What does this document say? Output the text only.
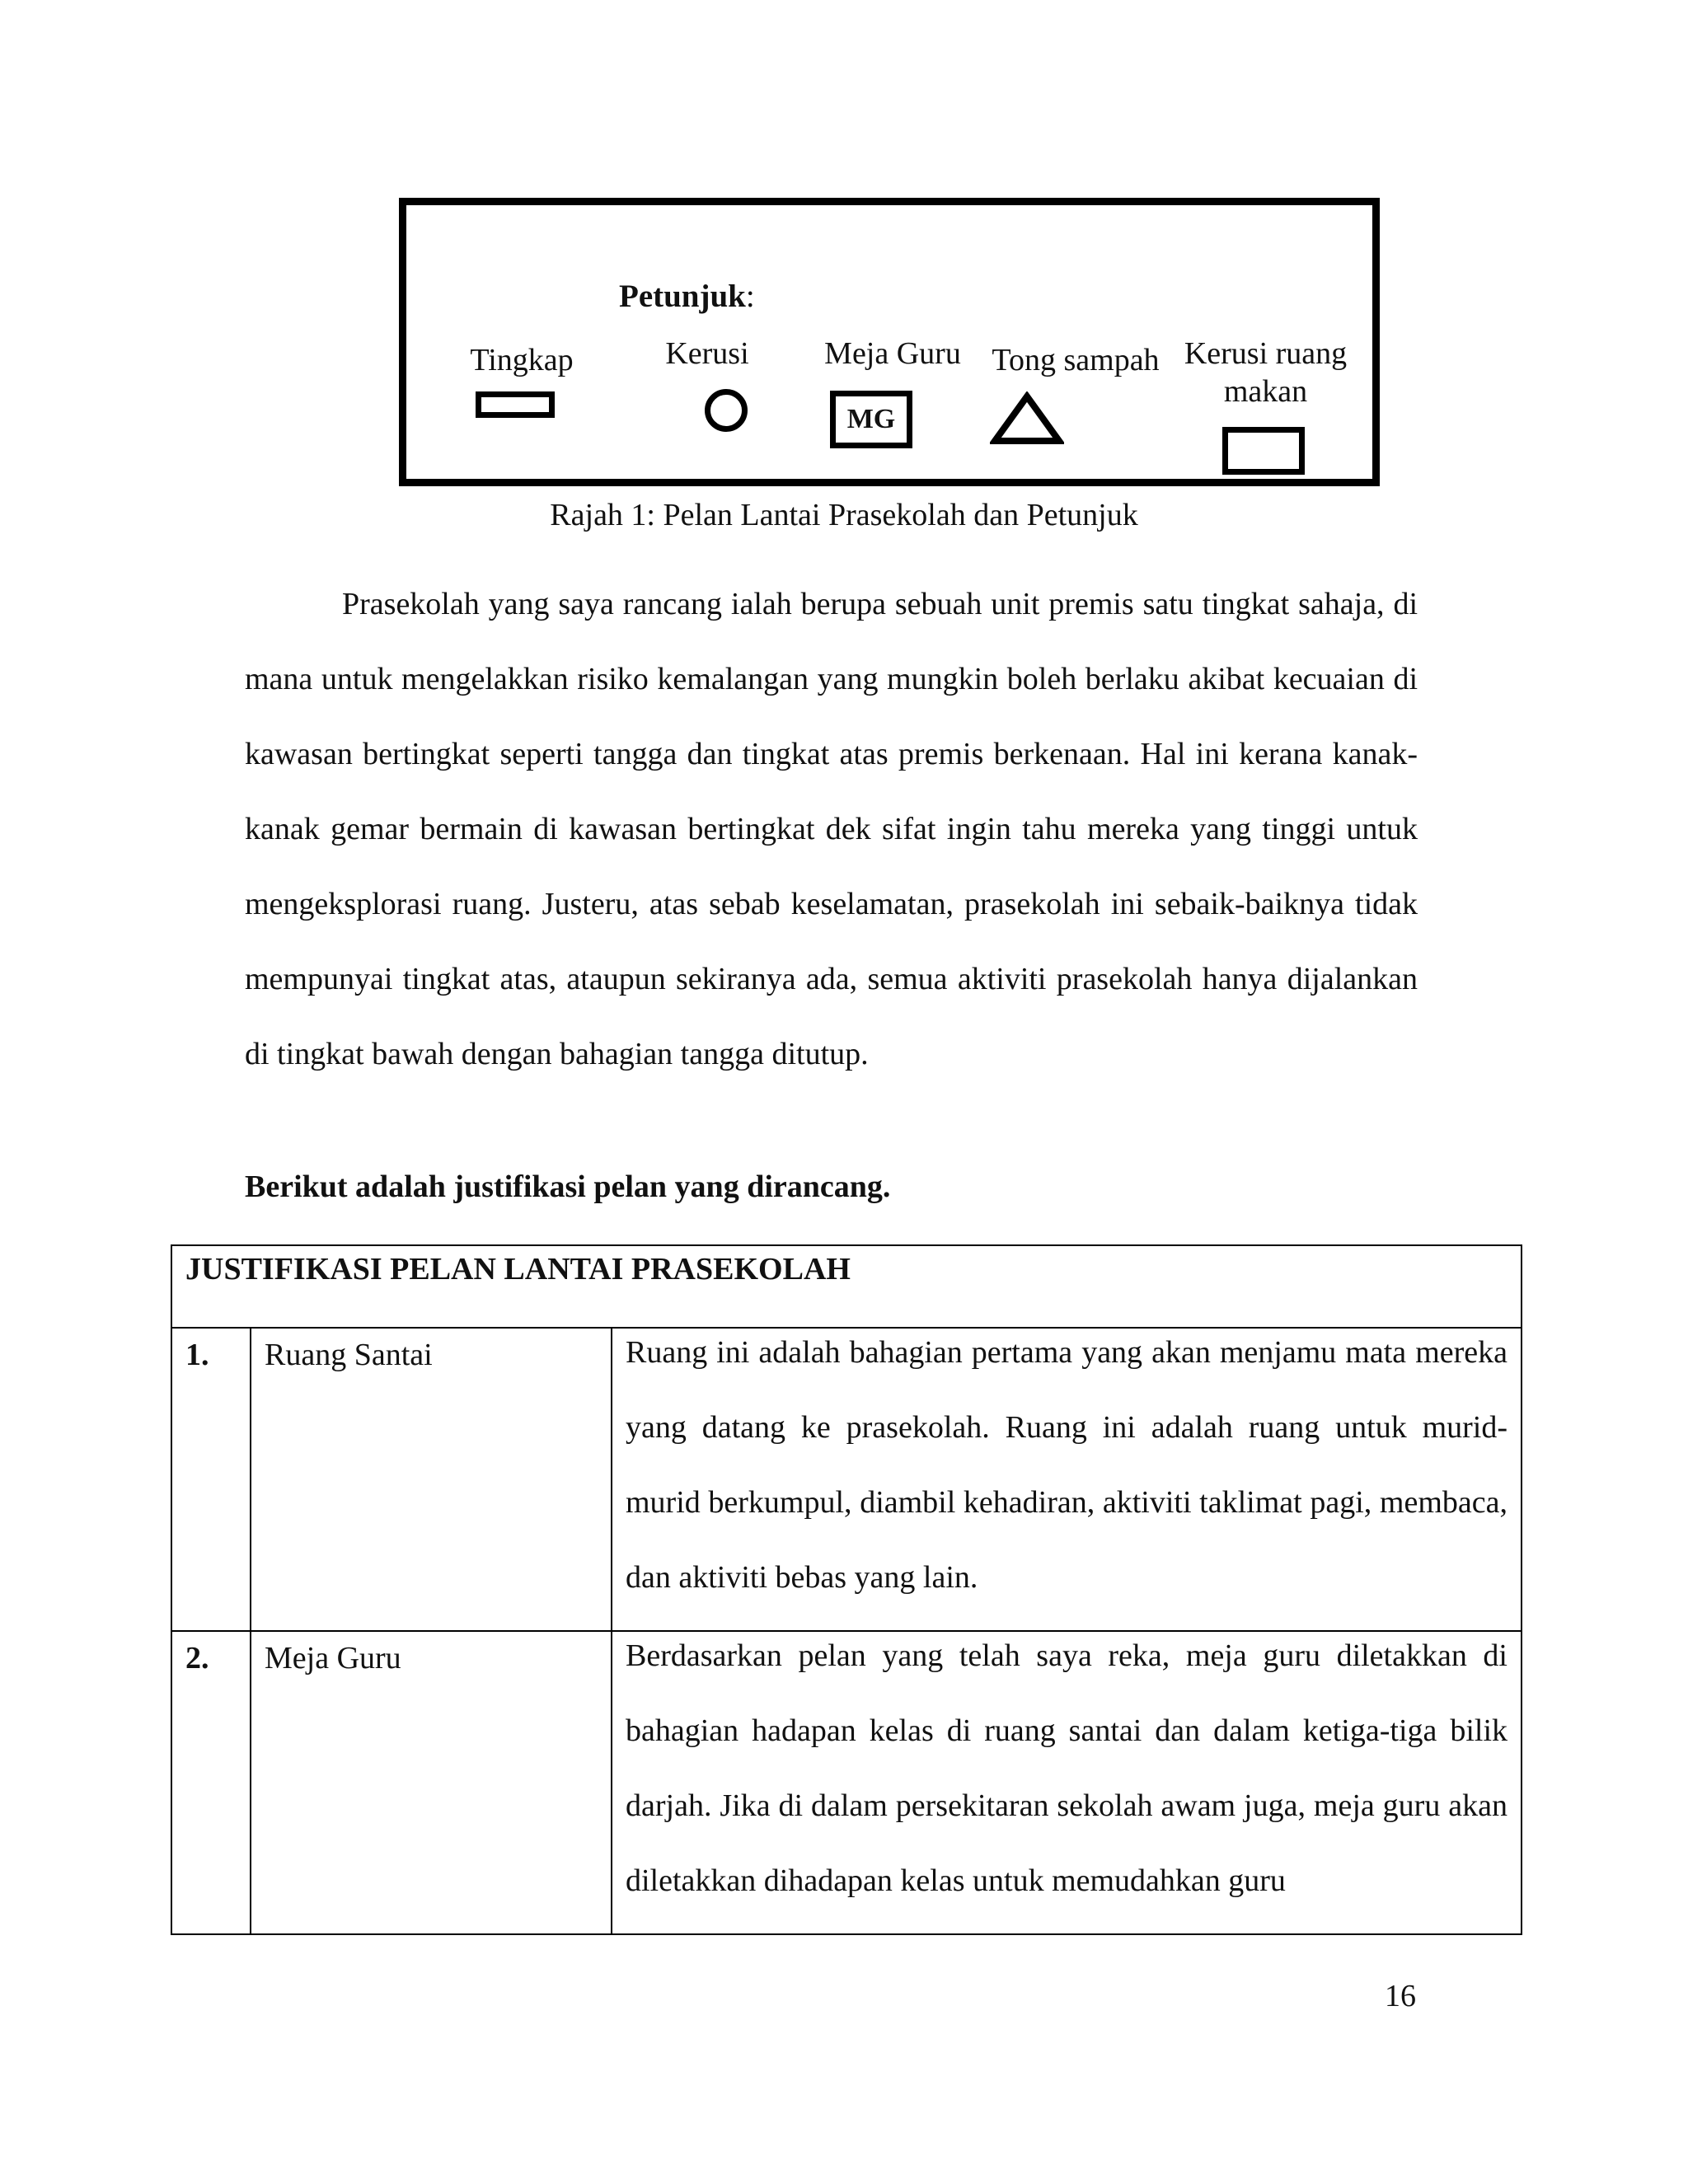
Petunjuk:
Tingkap	Kerusi	Meja Guru
MG
Tong sampah Kerusi ruang makan
Rajah 1: Pelan Lantai Prasekolah dan Petunjuk

Prasekolah yang saya rancang ialah berupa sebuah unit premis satu tingkat sahaja, di mana untuk mengelakkan risiko kemalangan yang mungkin boleh berlaku akibat kecuaian di kawasan bertingkat seperti tangga dan tingkat atas premis berkenaan. Hal ini kerana kanak-kanak gemar bermain di kawasan bertingkat dek sifat ingin tahu mereka yang tinggi untuk mengeksplorasi ruang. Justeru, atas sebab keselamatan, prasekolah ini sebaik-baiknya tidak mempunyai tingkat atas, ataupun sekiranya ada, semua aktiviti prasekolah hanya dijalankan di tingkat bawah dengan bahagian tangga ditutup.

Berikut adalah justifikasi pelan yang dirancang.
JUSTIFIKASI PELAN LANTAI PRASEKOLAH		
1.	Ruang Santai	Ruang ini adalah bahagian pertama yang akan menjamu mata mereka yang datang ke prasekolah. Ruang ini adalah ruang untuk murid-murid berkumpul, diambil kehadiran, aktiviti taklimat pagi, membaca, dan aktiviti bebas yang lain.

2.	Meja Guru	Berdasarkan pelan yang telah saya reka, meja guru diletakkan di bahagian hadapan kelas di ruang santai dan dalam ketiga-tiga bilik darjah. Jika di dalam persekitaran sekolah awam juga, meja guru akan diletakkan dihadapan kelas untuk memudahkan guru
16
